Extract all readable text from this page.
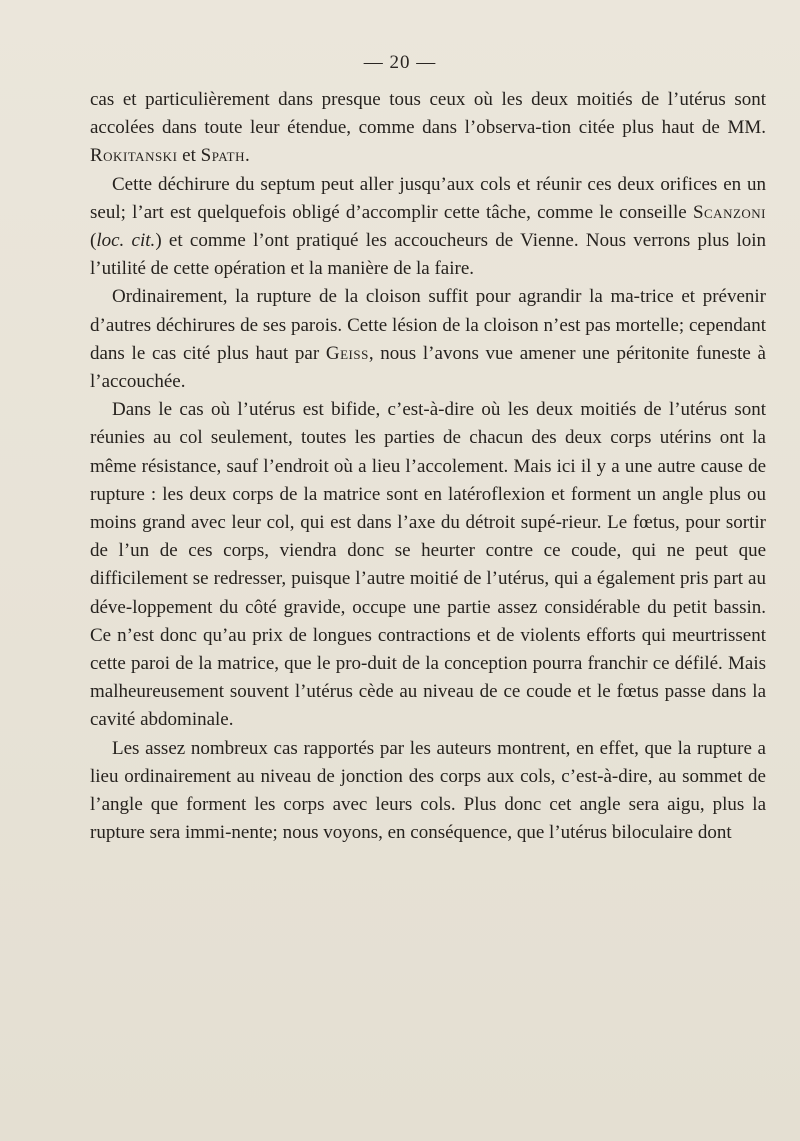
— 20 —

cas et particulièrement dans presque tous ceux où les deux moitiés de l’utérus sont accolées dans toute leur étendue, comme dans l’observa-tion citée plus haut de MM. Rokitanski et Spath.

Cette déchirure du septum peut aller jusqu’aux cols et réunir ces deux orifices en un seul; l’art est quelquefois obligé d’accomplir cette tâche, comme le conseille Scanzoni (loc. cit.) et comme l’ont pratiqué les accoucheurs de Vienne. Nous verrons plus loin l’utilité de cette opération et la manière de la faire.

Ordinairement, la rupture de la cloison suffit pour agrandir la ma-trice et prévenir d’autres déchirures de ses parois. Cette lésion de la cloison n’est pas mortelle; cependant dans le cas cité plus haut par Geiss, nous l’avons vue amener une péritonite funeste à l’accouchée.

Dans le cas où l’utérus est bifide, c’est-à-dire où les deux moitiés de l’utérus sont réunies au col seulement, toutes les parties de chacun des deux corps utérins ont la même résistance, sauf l’endroit où a lieu l’accolement. Mais ici il y a une autre cause de rupture : les deux corps de la matrice sont en latéroflexion et forment un angle plus ou moins grand avec leur col, qui est dans l’axe du détroit supé-rieur. Le fœtus, pour sortir de l’un de ces corps, viendra donc se heurter contre ce coude, qui ne peut que difficilement se redresser, puisque l’autre moitié de l’utérus, qui a également pris part au déve-loppement du côté gravide, occupe une partie assez considérable du petit bassin. Ce n’est donc qu’au prix de longues contractions et de violents efforts qui meurtrissent cette paroi de la matrice, que le pro-duit de la conception pourra franchir ce défilé. Mais malheureusement souvent l’utérus cède au niveau de ce coude et le fœtus passe dans la cavité abdominale.

Les assez nombreux cas rapportés par les auteurs montrent, en effet, que la rupture a lieu ordinairement au niveau de jonction des corps aux cols, c’est-à-dire, au sommet de l’angle que forment les corps avec leurs cols. Plus donc cet angle sera aigu, plus la rupture sera immi-nente; nous voyons, en conséquence, que l’utérus biloculaire dont
